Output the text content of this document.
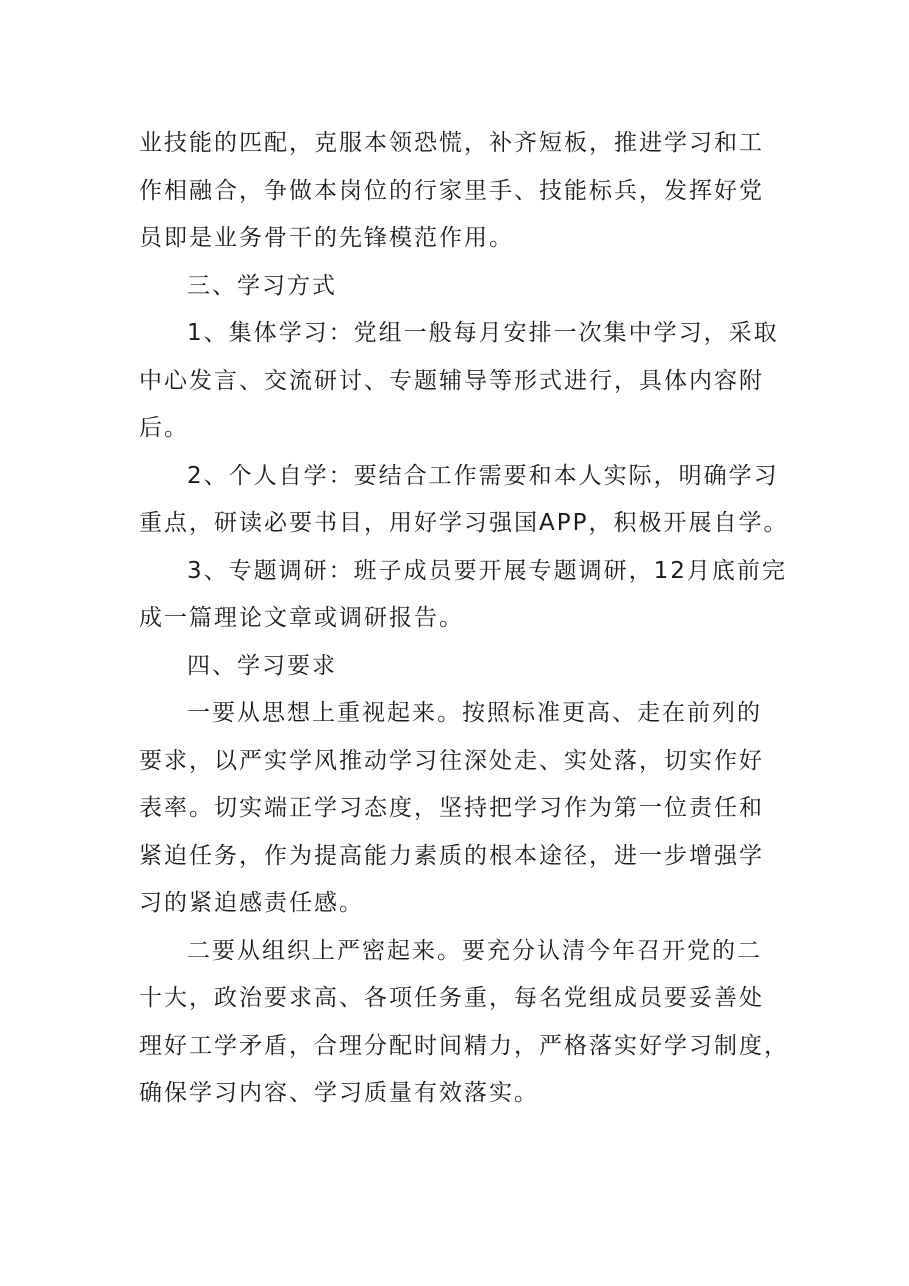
业技能的匹配，克服本领恐慌，补齐短板，推进学习和工
作相融合，争做本岗位的行家里手、技能标兵，发挥好党
员即是业务骨干的先锋模范作用。
三、学习方式
1、集体学习：党组一般每月安排一次集中学习，采取
中心发言、交流研讨、专题辅导等形式进行，具体内容附
后。
2、个人自学：要结合工作需要和本人实际，明确学习
重点，研读必要书目，用好学习强国APP，积极开展自学。
3、专题调研：班子成员要开展专题调研，12月底前完
成一篇理论文章或调研报告。
四、学习要求
一要从思想上重视起来。按照标准更高、走在前列的
要求，以严实学风推动学习往深处走、实处落，切实作好
表率。切实端正学习态度，坚持把学习作为第一位责任和
紧迫任务，作为提高能力素质的根本途径，进一步增强学
习的紧迫感责任感。
二要从组织上严密起来。要充分认清今年召开党的二
十大，政治要求高、各项任务重，每名党组成员要妥善处
理好工学矛盾，合理分配时间精力，严格落实好学习制度，
确保学习内容、学习质量有效落实。
